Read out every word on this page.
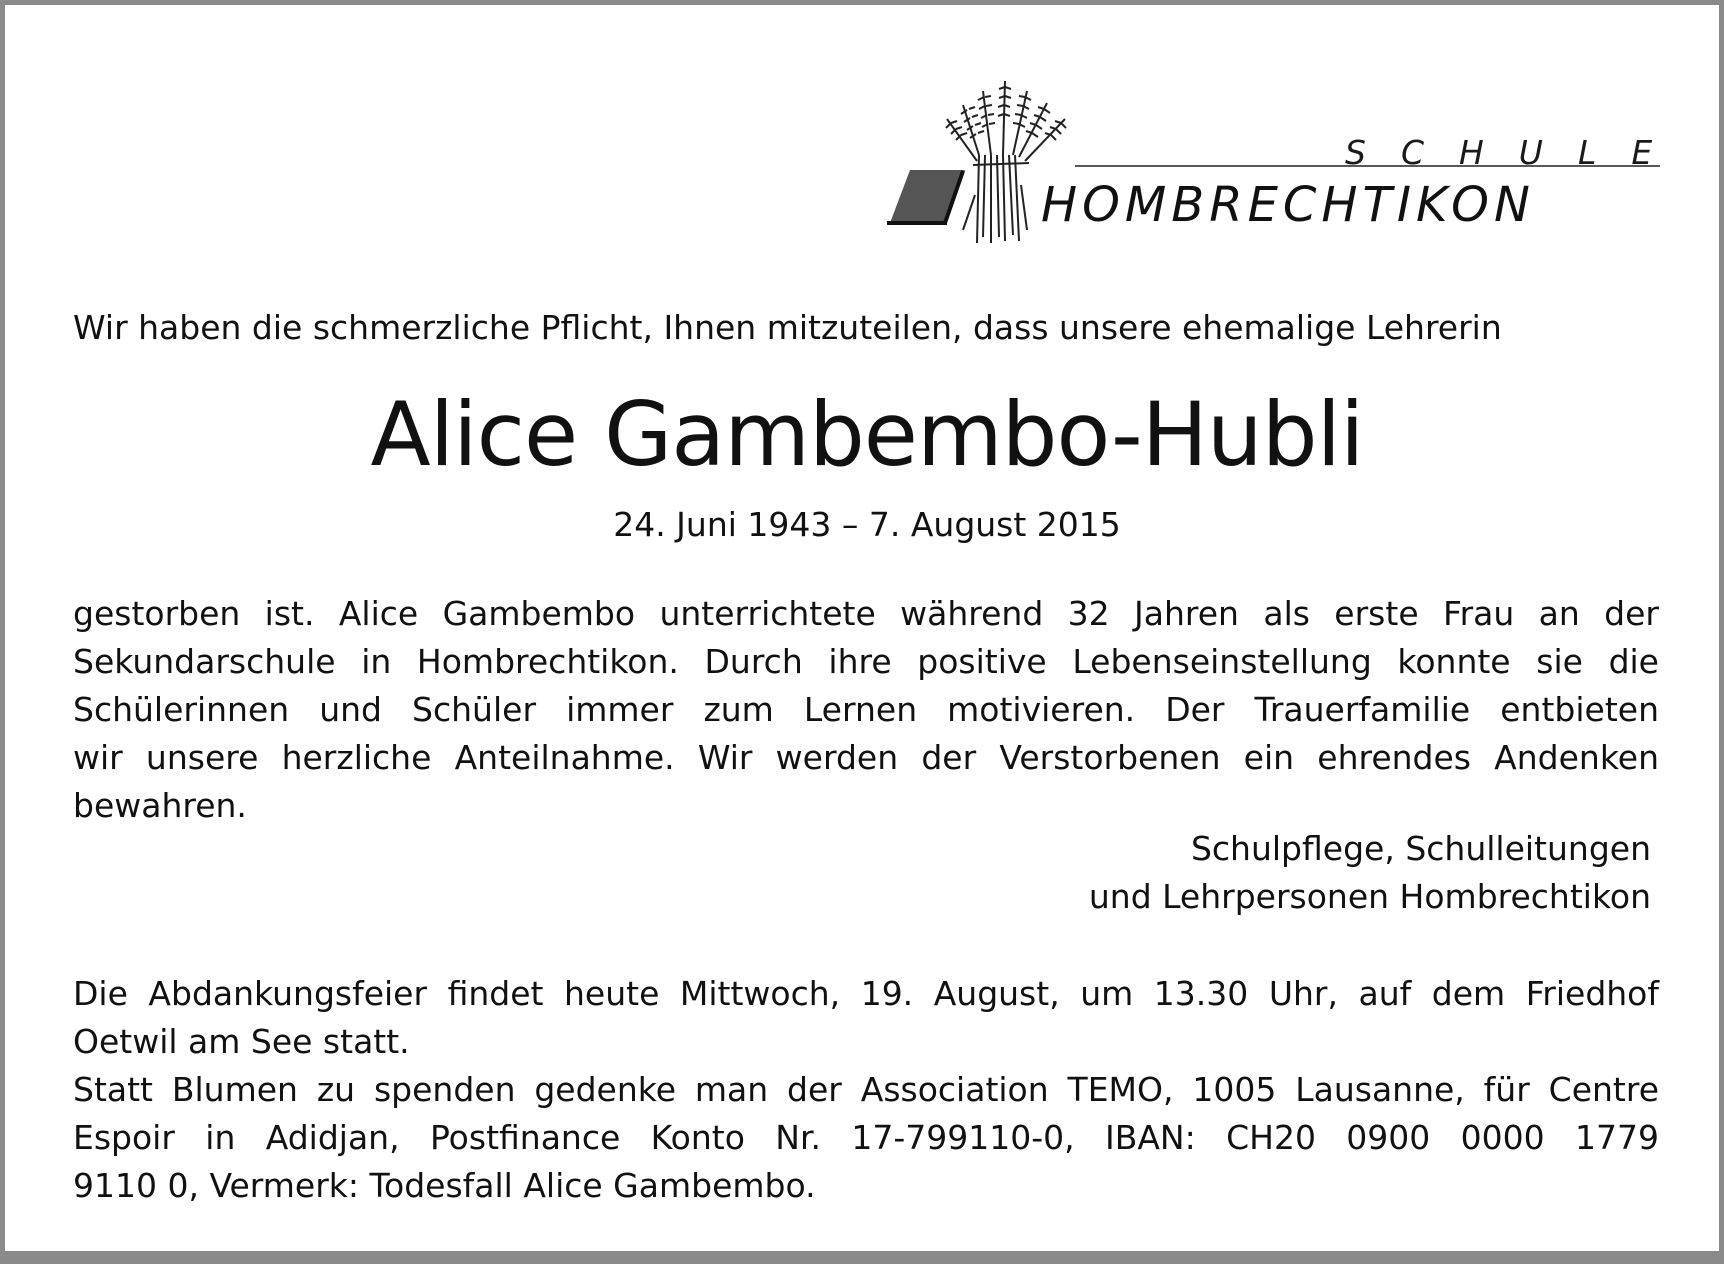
SCHULE
HOMBRECHTIKON
Wir haben die schmerzliche Pflicht, Ihnen mitzuteilen, dass unsere ehemalige Lehrerin
Alice Gambembo-Hubli
24. Juni 1943 – 7. August 2015
gestorben ist. Alice Gambembo unterrichtete während 32 Jahren als erste Frau an der
Sekundarschule in Hombrechtikon. Durch ihre positive Lebenseinstellung konnte sie die
Schülerinnen und Schüler immer zum Lernen motivieren. Der Trauerfamilie entbieten
wir unsere herzliche Anteilnahme. Wir werden der Verstorbenen ein ehrendes Andenken
bewahren.
Schulpflege, Schulleitungen
und Lehrpersonen Hombrechtikon
Die Abdankungsfeier findet heute Mittwoch, 19. August, um 13.30 Uhr, auf dem Friedhof
Oetwil am See statt.
Statt Blumen zu spenden gedenke man der Association TEMO, 1005 Lausanne, für Centre
Espoir in Adidjan, Postfinance Konto Nr. 17-799110-0, IBAN: CH20 0900 0000 1779
9110 0, Vermerk: Todesfall Alice Gambembo.
